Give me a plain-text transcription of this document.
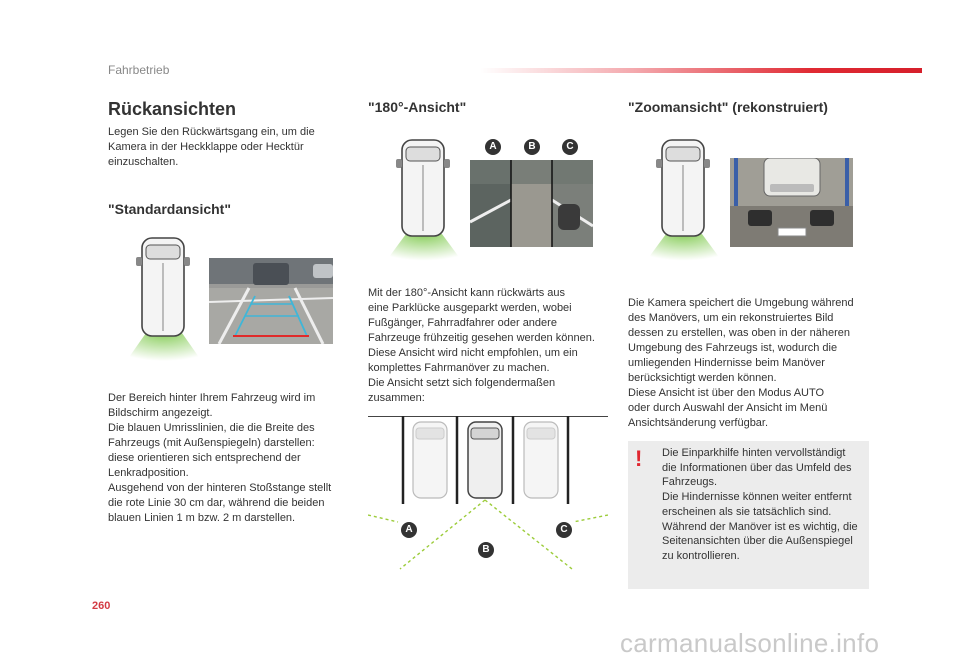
Fahrbetrieb
Rückansichten
Legen Sie den Rückwärtsgang ein, um die
Kamera in der Heckklappe oder Hecktür
einzuschalten.
"Standardansicht"
Der Bereich hinter Ihrem Fahrzeug wird im
Bildschirm angezeigt.
Die blauen Umrisslinien, die die Breite des
Fahrzeugs (mit Außenspiegeln) darstellen:
diese orientieren sich entsprechend der
Lenkradposition.
Ausgehend von der hinteren Stoßstange stellt
die rote Linie 30 cm dar, während die beiden
blauen Linien 1 m bzw. 2 m darstellen.
"180°-Ansicht"
A	B	C
Mit der 180°-Ansicht kann rückwärts aus
eine Parklücke ausgeparkt werden, wobei
Fußgänger, Fahrradfahrer oder andere
Fahrzeuge frühzeitig gesehen werden können.
Diese Ansicht wird nicht empfohlen, um ein
komplettes Fahrmanöver zu machen.
Die Ansicht setzt sich folgendermaßen
zusammen:
A
B
C
"Zoomansicht" (rekonstruiert)
Die Kamera speichert die Umgebung während
des Manövers, um ein rekonstruiertes Bild
dessen zu erstellen, was oben in der näheren
Umgebung des Fahrzeugs ist, wodurch die
umliegenden Hindernisse beim Manöver
berücksichtigt werden können.
Diese Ansicht ist über den Modus AUTO
oder durch Auswahl der Ansicht im Menü
Ansichtsänderung verfügbar.
! Die Einparkhilfe hinten vervollständigt
die Informationen über das Umfeld des
Fahrzeugs.
Die Hindernisse können weiter entfernt
erscheinen als sie tatsächlich sind.
Während der Manöver ist es wichtig, die
Seitenansichten über die Außenspiegel
zu kontrollieren.
260
carmanualsonline.info
